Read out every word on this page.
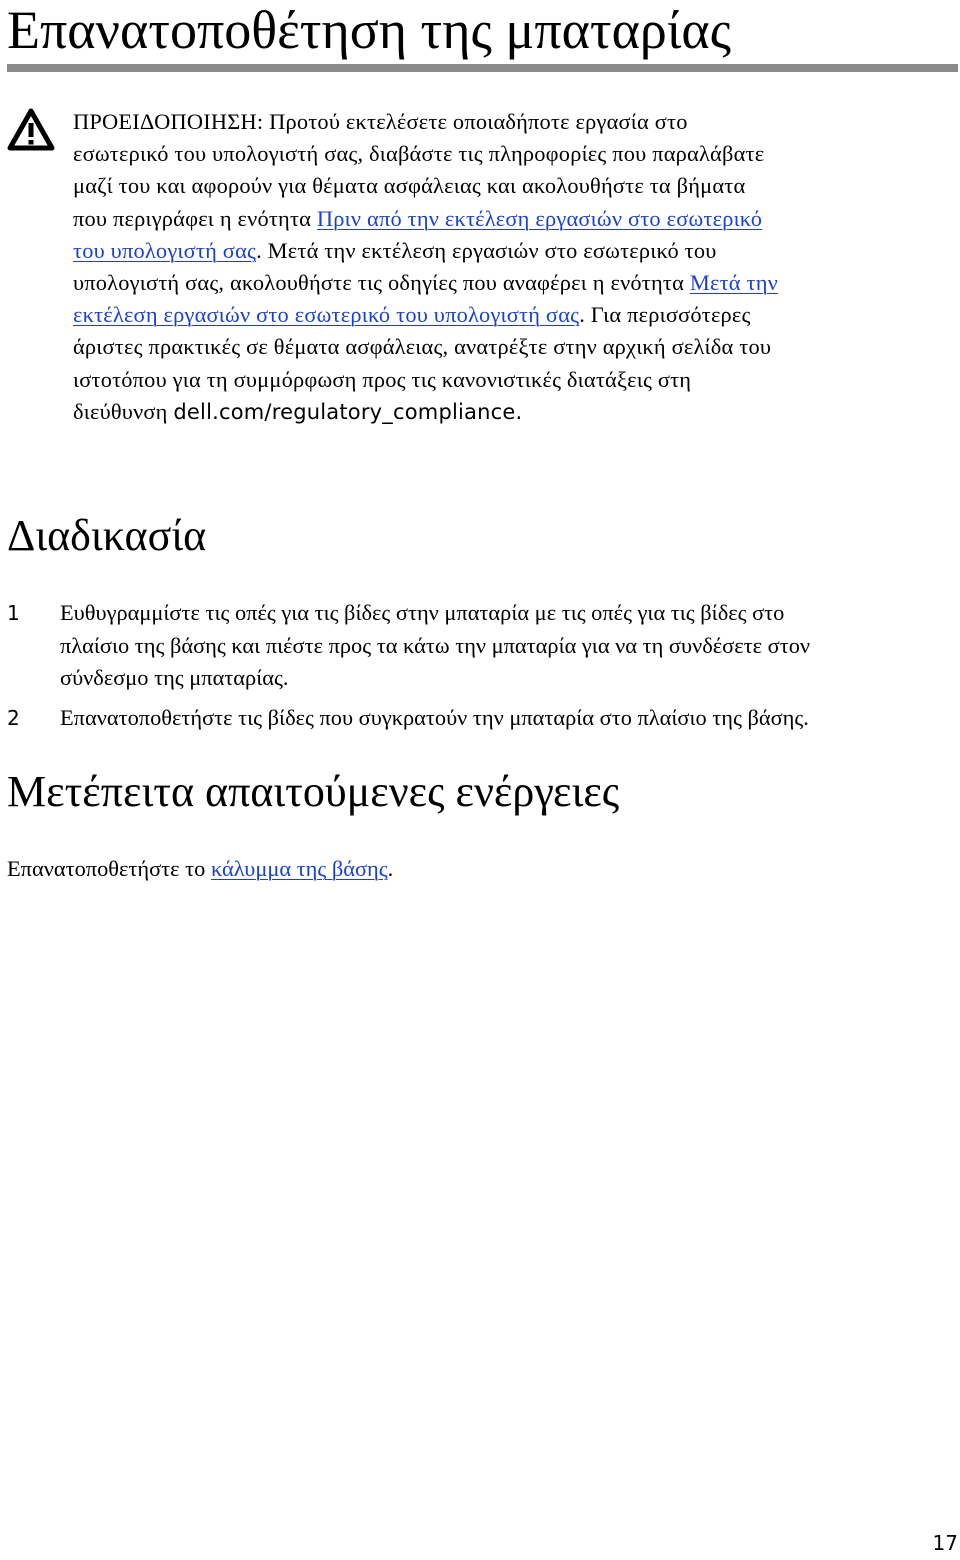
Επανατοποθέτηση της μπαταρίας

ΠΡΟΕΙΔΟΠΟΙΗΣΗ: Προτού εκτελέσετε οποιαδήποτε εργασία στο
εσωτερικό του υπολογιστή σας, διαβάστε τις πληροφορίες που παραλάβατε
μαζί του και αφορούν για θέματα ασφάλειας και ακολουθήστε τα βήματα
που περιγράφει η ενότητα Πριν από την εκτέλεση εργασιών στο εσωτερικό
του υπολογιστή σας. Μετά την εκτέλεση εργασιών στο εσωτερικό του
υπολογιστή σας, ακολουθήστε τις οδηγίες που αναφέρει η ενότητα Μετά την
εκτέλεση εργασιών στο εσωτερικό του υπολογιστή σας. Για περισσότερες
άριστες πρακτικές σε θέματα ασφάλειας, ανατρέξτε στην αρχική σελίδα του
ιστοτόπου για τη συμμόρφωση προς τις κανονιστικές διατάξεις στη
διεύθυνση dell.com/regulatory_compliance.

Διαδικασία
1 Ευθυγραμμίστε τις οπές για τις βίδες στην μπαταρία με τις οπές για τις βίδες στο
πλαίσιο της βάσης και πιέστε προς τα κάτω την μπαταρία για να τη συνδέσετε στον
σύνδεσμο της μπαταρίας.
2 Επανατοποθετήστε τις βίδες που συγκρατούν την μπαταρία στο πλαίσιο της βάσης.
Μετέπειτα απαιτούμενες ενέργειες

Επανατοποθετήστε το κάλυμμα της βάσης.

17
